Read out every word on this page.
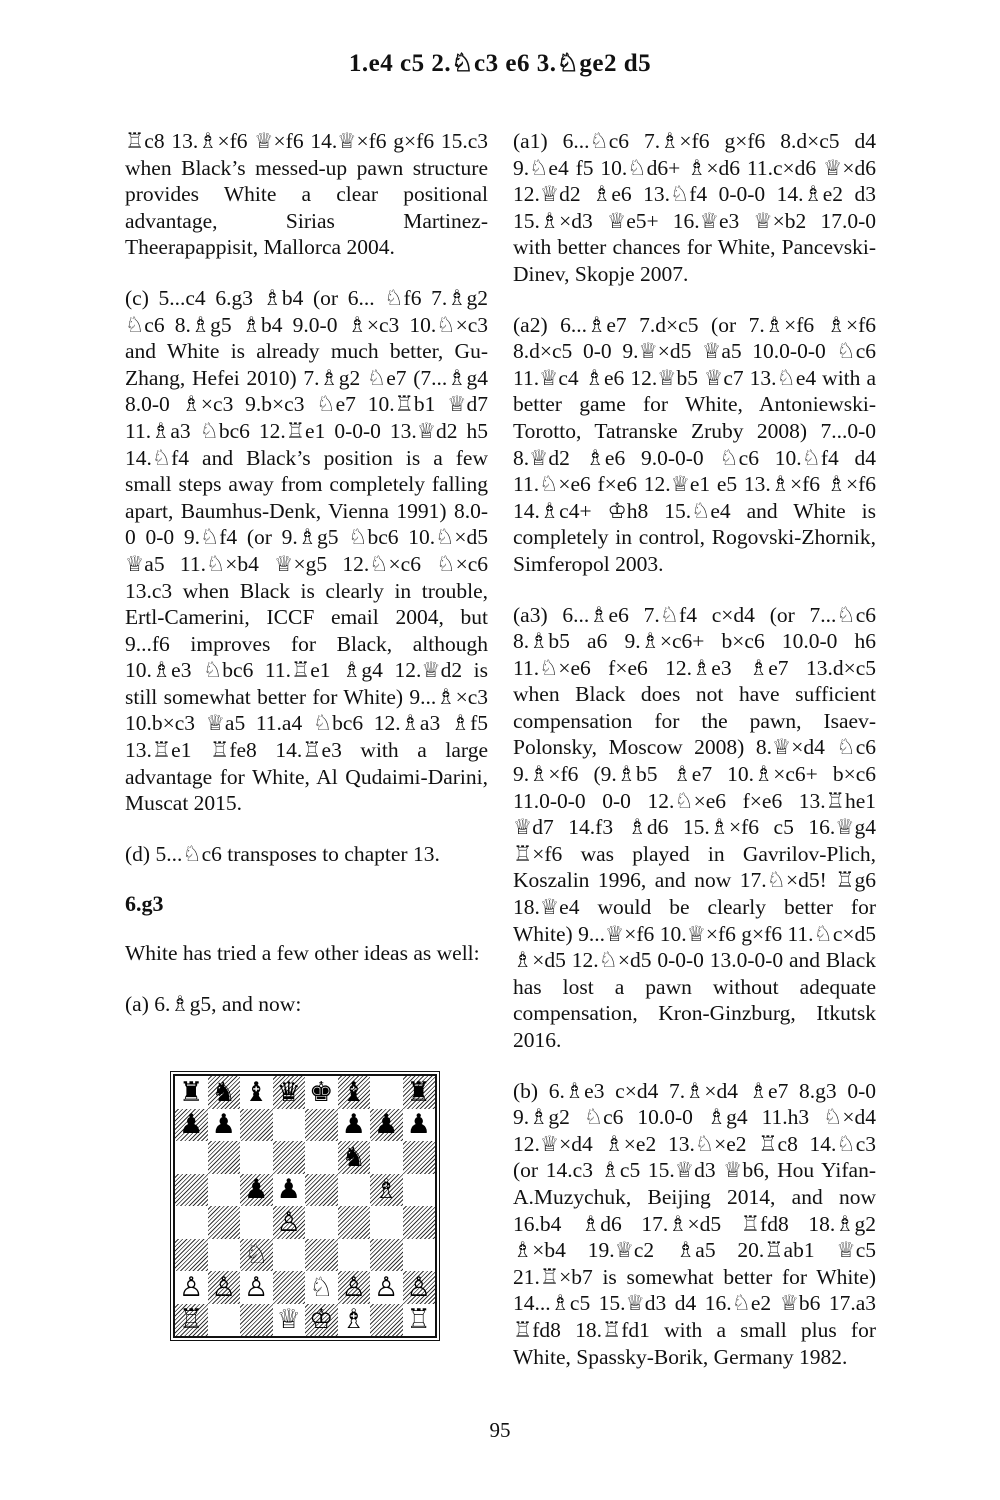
1.e4 c5 2.♘c3 e6 3.♘ge2 d5

♖c8 13.♗×f6 ♕×f6 14.♕×f6 g×f6 15.c3 when Black’s messed-up pawn structure provides White a clear positional advantage, Sirias Martinez-Theerapappisit, Mallorca 2004.

(c) 5...c4 6.g3 ♗b4 (or 6... ♘f6 7.♗g2 ♘c6 8.♗g5 ♗b4 9.0-0 ♗×c3 10.♘×c3 and White is already much better, Gu-Zhang, Hefei 2010) 7.♗g2 ♘e7 (7...♗g4 8.0-0 ♗×c3 9.b×c3 ♘e7 10.♖b1 ♕d7 11.♗a3 ♘bc6 12.♖e1 0-0-0 13.♕d2 h5 14.♘f4 and Black’s position is a few small steps away from completely falling apart, Baumhus-Denk, Vienna 1991) 8.0-0 0-0 9.♘f4 (or 9.♗g5 ♘bc6 10.♘×d5 ♕a5 11.♘×b4 ♕×g5 12.♘×c6 ♘×c6 13.c3 when Black is clearly in trouble, Ertl-Camerini, ICCF email 2004, but 9...f6 improves for Black, although 10.♗e3 ♘bc6 11.♖e1 ♗g4 12.♕d2 is still somewhat better for White) 9...♗×c3 10.b×c3 ♕a5 11.a4 ♘bc6 12.♗a3 ♗f5 13.♖e1 ♖fe8 14.♖e3 with a large advantage for White, Al Qudaimi-Darini, Muscat 2015.

(d) 5...♘c6 transposes to chapter 13.

6.g3

White has tried a few other ideas as well:

(a) 6.♗g5, and now:

♜ ♞ ♝ ♛ ♚ ♝ ♜
♟ ♟	♟ ♟ ♟
♞
♟ ♟	♗
♙
♘
♙ ♙ ♙ ♘ ♙ ♙ ♙
♖	♕ ♔ ♗ ♖

(a1) 6...♘c6 7.♗×f6 g×f6 8.d×c5 d4 9.♘e4 f5 10.♘d6+ ♗×d6 11.c×d6 ♕×d6 12.♕d2 ♗e6 13.♘f4 0-0-0 14.♗e2 d3 15.♗×d3 ♕e5+ 16.♕e3 ♕×b2 17.0-0 with better chances for White, Pancevski-Dinev, Skopje 2007.

(a2) 6...♗e7 7.d×c5 (or 7.♗×f6 ♗×f6 8.d×c5 0-0 9.♕×d5 ♕a5 10.0-0-0 ♘c6 11.♕c4 ♗e6 12.♕b5 ♕c7 13.♘e4 with a better game for White, Antoniewski-Torotto, Tatranske Zruby 2008) 7...0-0 8.♕d2 ♗e6 9.0-0-0 ♘c6 10.♘f4 d4 11.♘×e6 f×e6 12.♕e1 e5 13.♗×f6 ♗×f6 14.♗c4+ ♔h8 15.♘e4 and White is completely in control, Rogovski-Zhornik, Simferopol 2003.

(a3) 6...♗e6 7.♘f4 c×d4 (or 7...♘c6 8.♗b5 a6 9.♗×c6+ b×c6 10.0-0 h6 11.♘×e6 f×e6 12.♗e3 ♗e7 13.d×c5 when Black does not have sufficient compensation for the pawn, Isaev-Polonsky, Moscow 2008) 8.♕×d4 ♘c6 9.♗×f6 (9.♗b5 ♗e7 10.♗×c6+ b×c6 11.0-0-0 0-0 12.♘×e6 f×e6 13.♖he1 ♕d7 14.f3 ♗d6 15.♗×f6 c5 16.♕g4 ♖×f6 was played in Gavrilov-Plich, Koszalin 1996, and now 17.♘×d5! ♖g6 18.♕e4 would be clearly better for White) 9...♕×f6 10.♕×f6 g×f6 11.♘c×d5 ♗×d5 12.♘×d5 0-0-0 13.0-0-0 and Black has lost a pawn without adequate compensation, Kron-Ginzburg, Itkutsk 2016.

(b) 6.♗e3 c×d4 7.♗×d4 ♗e7 8.g3 0-0 9.♗g2 ♘c6 10.0-0 ♗g4 11.h3 ♘×d4 12.♕×d4 ♗×e2 13.♘×e2 ♖c8 14.♘c3 (or 14.c3 ♗c5 15.♕d3 ♕b6, Hou Yifan-A.Muzychuk, Beijing 2014, and now 16.b4 ♗d6 17.♗×d5 ♖fd8 18.♗g2 ♗×b4 19.♕c2 ♗a5 20.♖ab1 ♕c5 21.♖×b7 is somewhat better for White) 14...♗c5 15.♕d3 d4 16.♘e2 ♕b6 17.a3 ♖fd8 18.♖fd1 with a small plus for White, Spassky-Borik, Germany 1982.

95
